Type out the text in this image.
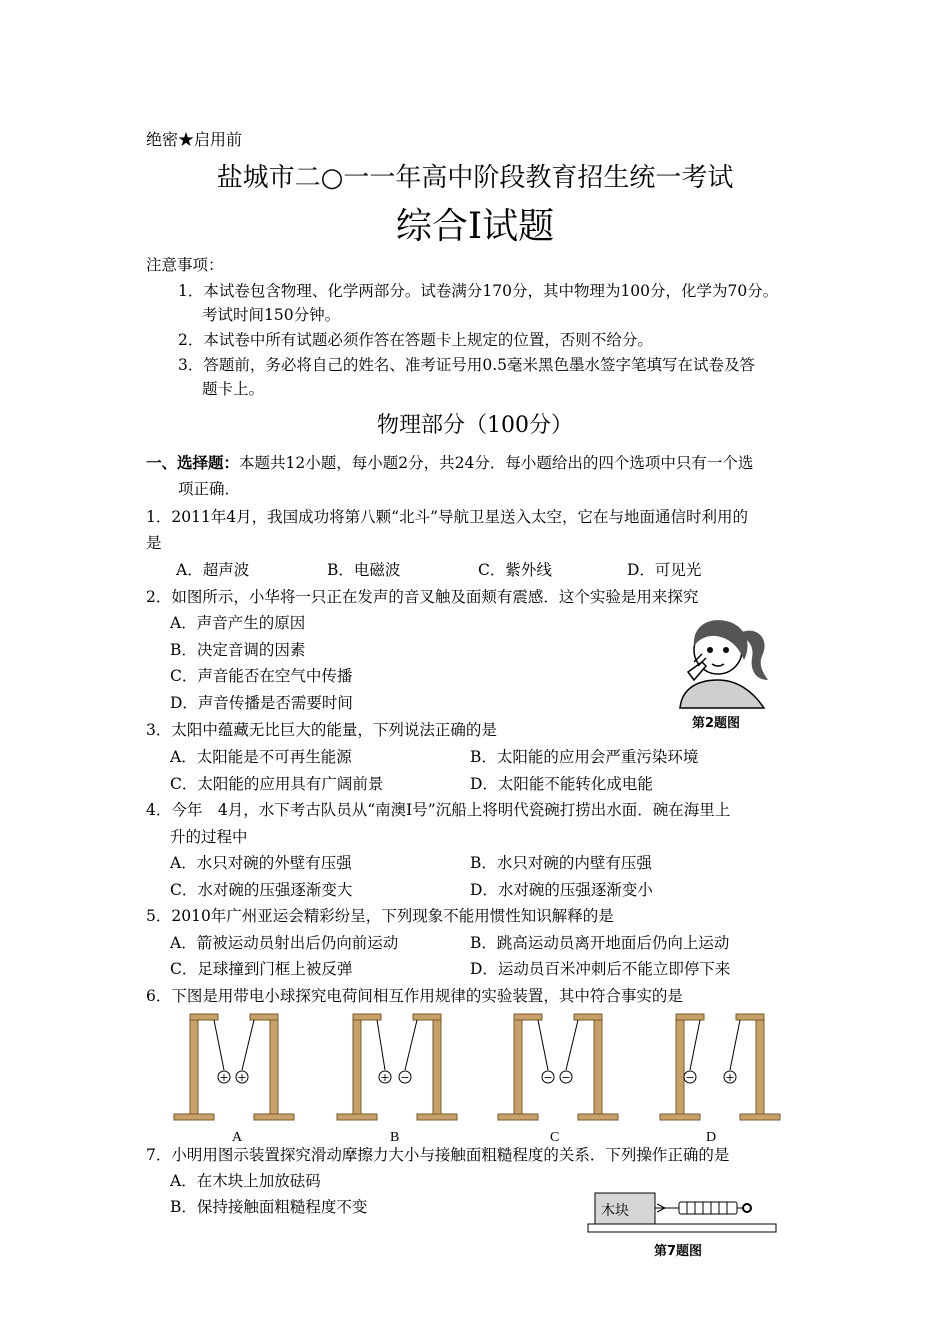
绝密★启用前
盐城市二○一一年高中阶段教育招生统一考试
综合Ⅰ试题
注意事项：
1．本试卷包含物理、化学两部分。试卷满分170分，其中物理为100分，化学为70分。
考试时间150分钟。
2．本试卷中所有试题必须作答在答题卡上规定的位置，否则不给分。
3．答题前，务必将自己的姓名、准考证号用0.5毫米黑色墨水签字笔填写在试卷及答
题卡上。
物理部分（100分）
一、选择题：本题共12小题，每小题2分，共24分．每小题给出的四个选项中只有一个选
项正确．
1．2011年4月，我国成功将第八颗“北斗”导航卫星送入太空，它在与地面通信时利用的
是
A．超声波	B．电磁波	C．紫外线	D．可见光
2．如图所示，小华将一只正在发声的音叉触及面颊有震感．这个实验是用来探究
A．声音产生的原因
B．决定音调的因素
C．声音能否在空气中传播
D．声音传播是否需要时间
第2题图
3．太阳中蕴藏无比巨大的能量，下列说法正确的是
A．太阳能是不可再生能源	B．太阳能的应用会严重污染环境
C．太阳能的应用具有广阔前景	D．太阳能不能转化成电能
4．今年　4月，水下考古队员从“南澳Ⅰ号”沉船上将明代瓷碗打捞出水面．碗在海里上
升的过程中
A．水只对碗的外壁有压强	B．水只对碗的内壁有压强
C．水对碗的压强逐渐变大	D．水对碗的压强逐渐变小
5．2010年广州亚运会精彩纷呈，下列现象不能用惯性知识解释的是
A．箭被运动员射出后仍向前运动	B．跳高运动员离开地面后仍向上运动
C．足球撞到门框上被反弹	D．运动员百米冲刺后不能立即停下来
6．下图是用带电小球探究电荷间相互作用规律的实验装置，其中符合事实的是
+ +	+ −	− −	−	+
A	B	C	D
7．小明用图示装置探究滑动摩擦力大小与接触面粗糙程度的关系．下列操作正确的是
A．在木块上加放砝码
B．保持接触面粗糙程度不变	木块
第7题图
